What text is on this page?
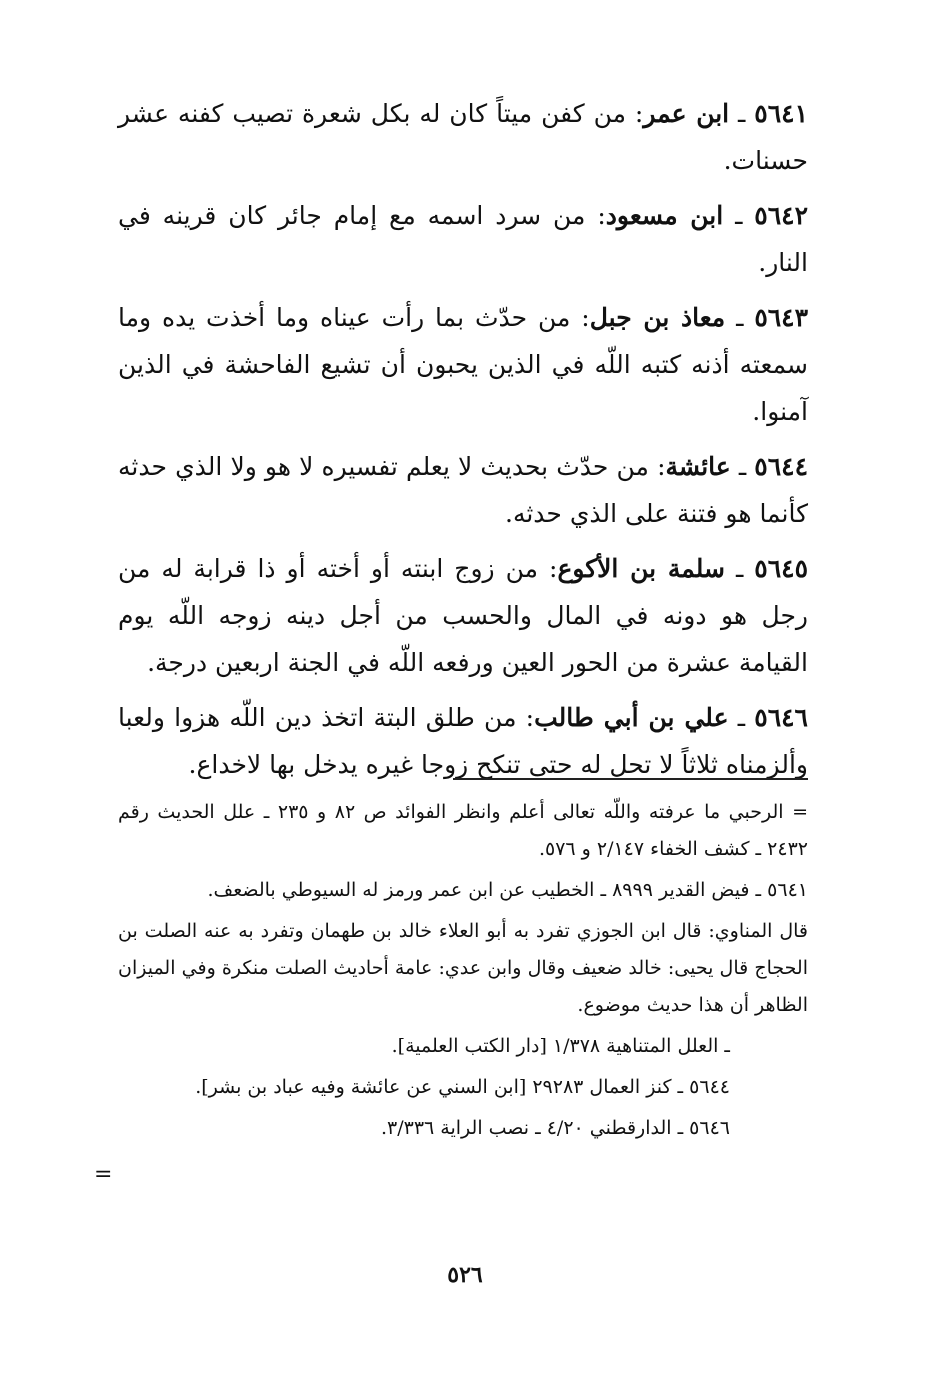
٥٦٤١ ـ ابن عمر: من كفن ميتاً كان له بكل شعرة تصيب كفنه عشر حسنات.

٥٦٤٢ ـ ابن مسعود: من سرد اسمه مع إمام جائر كان قرينه في النار.

٥٦٤٣ ـ معاذ بن جبل: من حدّث بما رأت عيناه وما أخذت يده وما سمعته أذنه كتبه اللّه في الذين يحبون أن تشيع الفاحشة في الذين آمنوا.

٥٦٤٤ ـ عائشة: من حدّث بحديث لا يعلم تفسيره لا هو ولا الذي حدثه كأنما هو فتنة على الذي حدثه.

٥٦٤٥ ـ سلمة بن الأكوع: من زوج ابنته أو أخته أو ذا قرابة له من رجل هو دونه في المال والحسب من أجل دينه زوجه اللّه يوم القيامة عشرة من الحور العين ورفعه اللّه في الجنة اربعين درجة.

٥٦٤٦ ـ علي بن أبي طالب: من طلق البتة اتخذ دين اللّه هزوا ولعبا وألزمناه ثلاثاً لا تحل له حتى تنكح زوجا غيره يدخل بها لاخداع.

= الرحبي ما عرفته واللّه تعالى أعلم وانظر الفوائد ص ٨٢ و ٢٣٥ ـ علل الحديث رقم ٢٤٣٢ ـ كشف الخفاء ٢/١٤٧ و ٥٧٦.

٥٦٤١ ـ فيض القدير ٨٩٩٩ ـ الخطيب عن ابن عمر ورمز له السيوطي بالضعف.

قال المناوي: قال ابن الجوزي تفرد به أبو العلاء خالد بن طهمان وتفرد به عنه الصلت بن الحجاج قال يحيى: خالد ضعيف وقال وابن عدي: عامة أحاديث الصلت منكرة وفي الميزان الظاهر أن هذا حديث موضوع.

ـ العلل المتناهية ١/٣٧٨ [دار الكتب العلمية].

٥٦٤٤ ـ كنز العمال ٢٩٢٨٣ [ابن السني عن عائشة وفيه عباد بن بشر].

٥٦٤٦ ـ الدارقطني ٤/٢٠ ـ نصب الراية ٣/٣٣٦.

=
٥٢٦
